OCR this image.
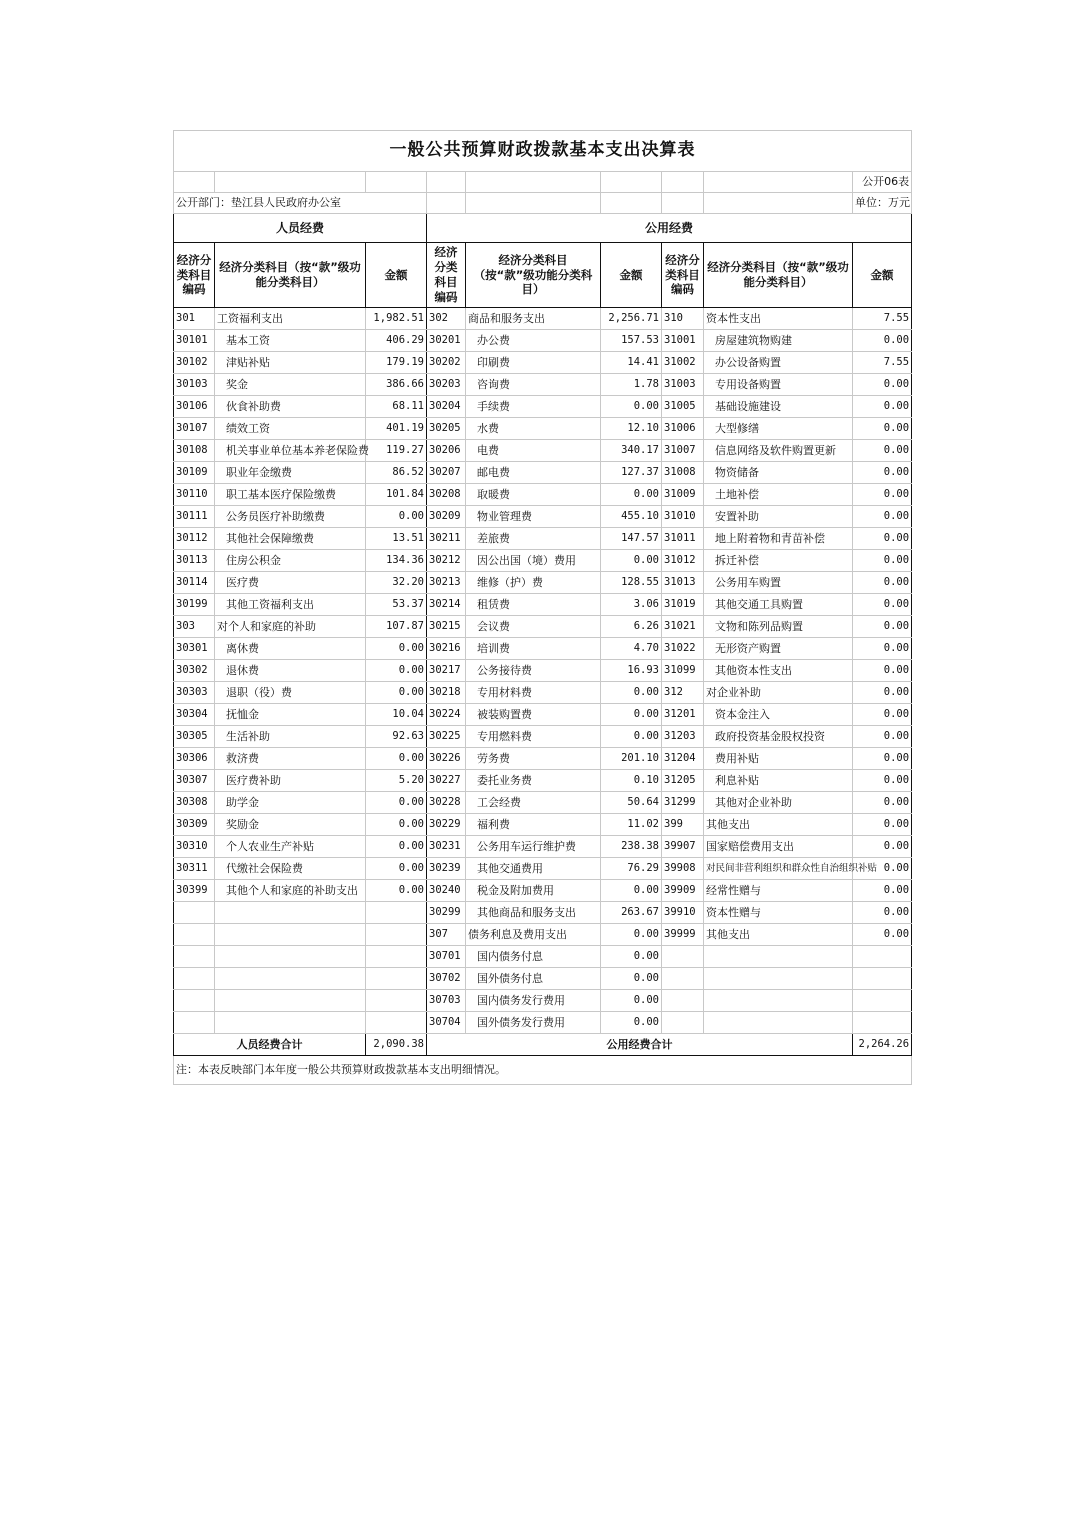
一般公共预算财政拨款基本支出决算表								
								公开06表
公开部门：垫江县人民政府办公室								单位：万元
人员经费			公用经费					
经济分类科目编码	经济分类科目（按“款”级功能分类科目）	金额	经济分类科目编码	经济分类科目（按“款”级功能分类科目）	金额	经济分类科目编码	经济分类科目（按“款”级功能分类科目）	金额
301	工资福利支出	1,982.51	302	商品和服务支出	2,256.71	310	资本性支出	7.55
30101	基本工资	406.29	30201	办公费	157.53	31001	房屋建筑物购建	0.00
30102	津贴补贴	179.19	30202	印刷费	14.41	31002	办公设备购置	7.55
30103	奖金	386.66	30203	咨询费	1.78	31003	专用设备购置	0.00
30106	伙食补助费	68.11	30204	手续费	0.00	31005	基础设施建设	0.00
30107	绩效工资	401.19	30205	水费	12.10	31006	大型修缮	0.00
30108	机关事业单位基本养老保险费	119.27	30206	电费	340.17	31007	信息网络及软件购置更新	0.00
30109	职业年金缴费	86.52	30207	邮电费	127.37	31008	物资储备	0.00
30110	职工基本医疗保险缴费	101.84	30208	取暖费	0.00	31009	土地补偿	0.00
30111	公务员医疗补助缴费	0.00	30209	物业管理费	455.10	31010	安置补助	0.00
30112	其他社会保障缴费	13.51	30211	差旅费	147.57	31011	地上附着物和青苗补偿	0.00
30113	住房公积金	134.36	30212	因公出国（境）费用	0.00	31012	拆迁补偿	0.00
30114	医疗费	32.20	30213	维修（护）费	128.55	31013	公务用车购置	0.00
30199	其他工资福利支出	53.37	30214	租赁费	3.06	31019	其他交通工具购置	0.00
303	对个人和家庭的补助	107.87	30215	会议费	6.26	31021	文物和陈列品购置	0.00
30301	离休费	0.00	30216	培训费	4.70	31022	无形资产购置	0.00
30302	退休费	0.00	30217	公务接待费	16.93	31099	其他资本性支出	0.00
30303	退职（役）费	0.00	30218	专用材料费	0.00	312	对企业补助	0.00
30304	抚恤金	10.04	30224	被装购置费	0.00	31201	资本金注入	0.00
30305	生活补助	92.63	30225	专用燃料费	0.00	31203	政府投资基金股权投资	0.00
30306	救济费	0.00	30226	劳务费	201.10	31204	费用补贴	0.00
30307	医疗费补助	5.20	30227	委托业务费	0.10	31205	利息补贴	0.00
30308	助学金	0.00	30228	工会经费	50.64	31299	其他对企业补助	0.00
30309	奖励金	0.00	30229	福利费	11.02	399	其他支出	0.00
30310	个人农业生产补贴	0.00	30231	公务用车运行维护费	238.38	39907	国家赔偿费用支出	0.00
30311	代缴社会保险费	0.00	30239	其他交通费用	76.29	39908	对民间非营利组织和群众性自治组织补贴	0.00
30399	其他个人和家庭的补助支出	0.00	30240	税金及附加费用	0.00	39909	经常性赠与	0.00
			30299	其他商品和服务支出	263.67	39910	资本性赠与	0.00
			307	债务利息及费用支出	0.00	39999	其他支出	0.00
			30701	国内债务付息	0.00			
			30702	国外债务付息	0.00			
			30703	国内债务发行费用	0.00			
			30704	国外债务发行费用	0.00			
人员经费合计		2,090.38	公用经费合计					2,264.26
注：本表反映部门本年度一般公共预算财政拨款基本支出明细情况。								
